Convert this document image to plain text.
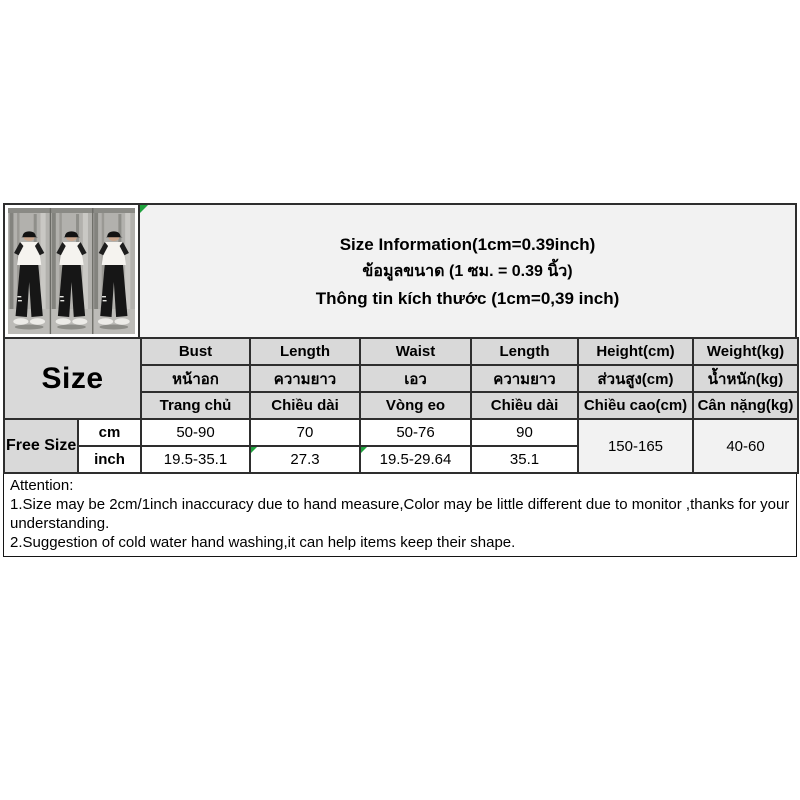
Size Information(1cm=0.39inch)
ข้อมูลขนาด (1 ซม. = 0.39 นิ้ว)
Thông tin kích thước (1cm=0,39 inch)
Size		Bust	Length	Waist	Length	Height(cm)	Weight(kg)
		หน้าอก	ความยาว	เอว	ความยาว	ส่วนสูง(cm)	น้ำหนัก(kg)
		Trang chủ	Chiều dài	Vòng eo	Chiều dài	Chiều cao(cm)	Cân nặng(kg)
Free Size	cm	50-90	70	50-76	90	150-165	40-60
	inch	19.5-35.1	27.3	19.5-29.64	35.1		
Attention:
1.Size may be 2cm/1inch inaccuracy due to hand measure,Color may be little different due to monitor ,thanks for your understanding.
2.Suggestion of cold water hand washing,it can help items keep their shape.
